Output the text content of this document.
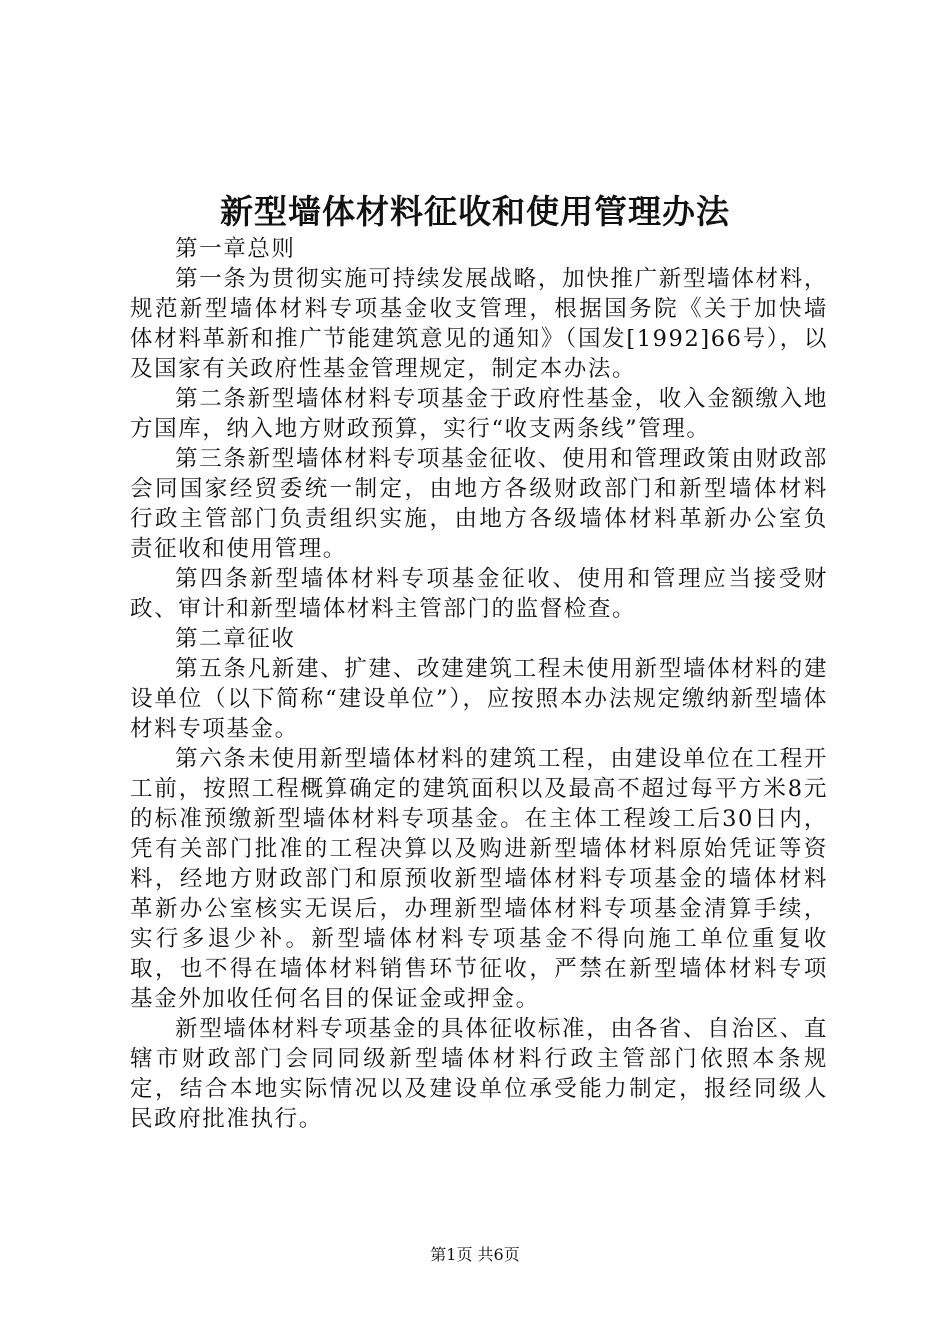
新型墙体材料征收和使用管理办法

第一章总则

第一条为贯彻实施可持续发展战略，加快推广新型墙体材料，规范新型墙体材料专项基金收支管理，根据国务院《关于加快墙体材料革新和推广节能建筑意见的通知》（国发[1992]66号），以及国家有关政府性基金管理规定，制定本办法。

第二条新型墙体材料专项基金于政府性基金，收入金额缴入地方国库，纳入地方财政预算，实行“收支两条线”管理。

第三条新型墙体材料专项基金征收、使用和管理政策由财政部会同国家经贸委统一制定，由地方各级财政部门和新型墙体材料行政主管部门负责组织实施，由地方各级墙体材料革新办公室负责征收和使用管理。

第四条新型墙体材料专项基金征收、使用和管理应当接受财政、审计和新型墙体材料主管部门的监督检查。

第二章征收

第五条凡新建、扩建、改建建筑工程未使用新型墙体材料的建设单位（以下简称“建设单位”），应按照本办法规定缴纳新型墙体材料专项基金。

第六条未使用新型墙体材料的建筑工程，由建设单位在工程开工前，按照工程概算确定的建筑面积以及最高不超过每平方米8元的标准预缴新型墙体材料专项基金。在主体工程竣工后30日内，凭有关部门批准的工程决算以及购进新型墙体材料原始凭证等资料，经地方财政部门和原预收新型墙体材料专项基金的墙体材料革新办公室核实无误后，办理新型墙体材料专项基金清算手续，实行多退少补。新型墙体材料专项基金不得向施工单位重复收取，也不得在墙体材料销售环节征收，严禁在新型墙体材料专项基金外加收任何名目的保证金或押金。

新型墙体材料专项基金的具体征收标准，由各省、自治区、直辖市财政部门会同同级新型墙体材料行政主管部门依照本条规定，结合本地实际情况以及建设单位承受能力制定，报经同级人民政府批准执行。

第1页 共6页
